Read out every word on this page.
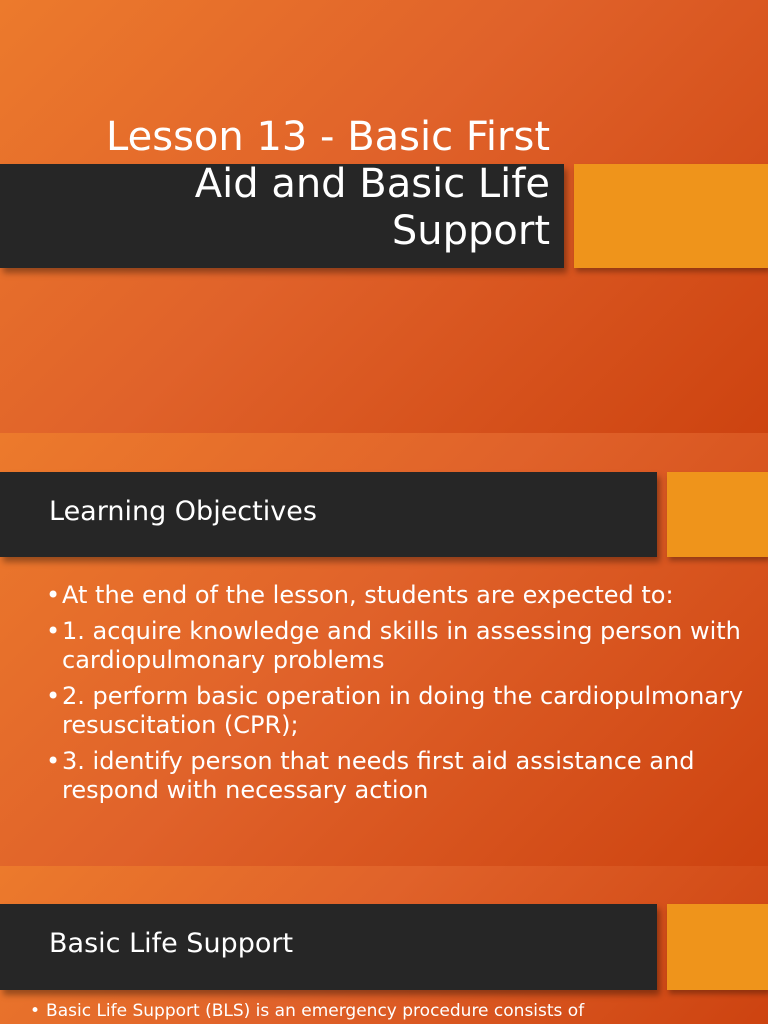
Lesson 13 - Basic First Aid and Basic Life Support
Learning Objectives
• At the end of the lesson, students are expected to:
• 1. acquire knowledge and skills in assessing person with cardiopulmonary problems
• 2. perform basic operation in doing the cardiopulmonary resuscitation (CPR);
• 3. identify person that needs first aid assistance and respond with necessary action
Basic Life Support

• Basic Life Support (BLS) is an emergency procedure consists of
